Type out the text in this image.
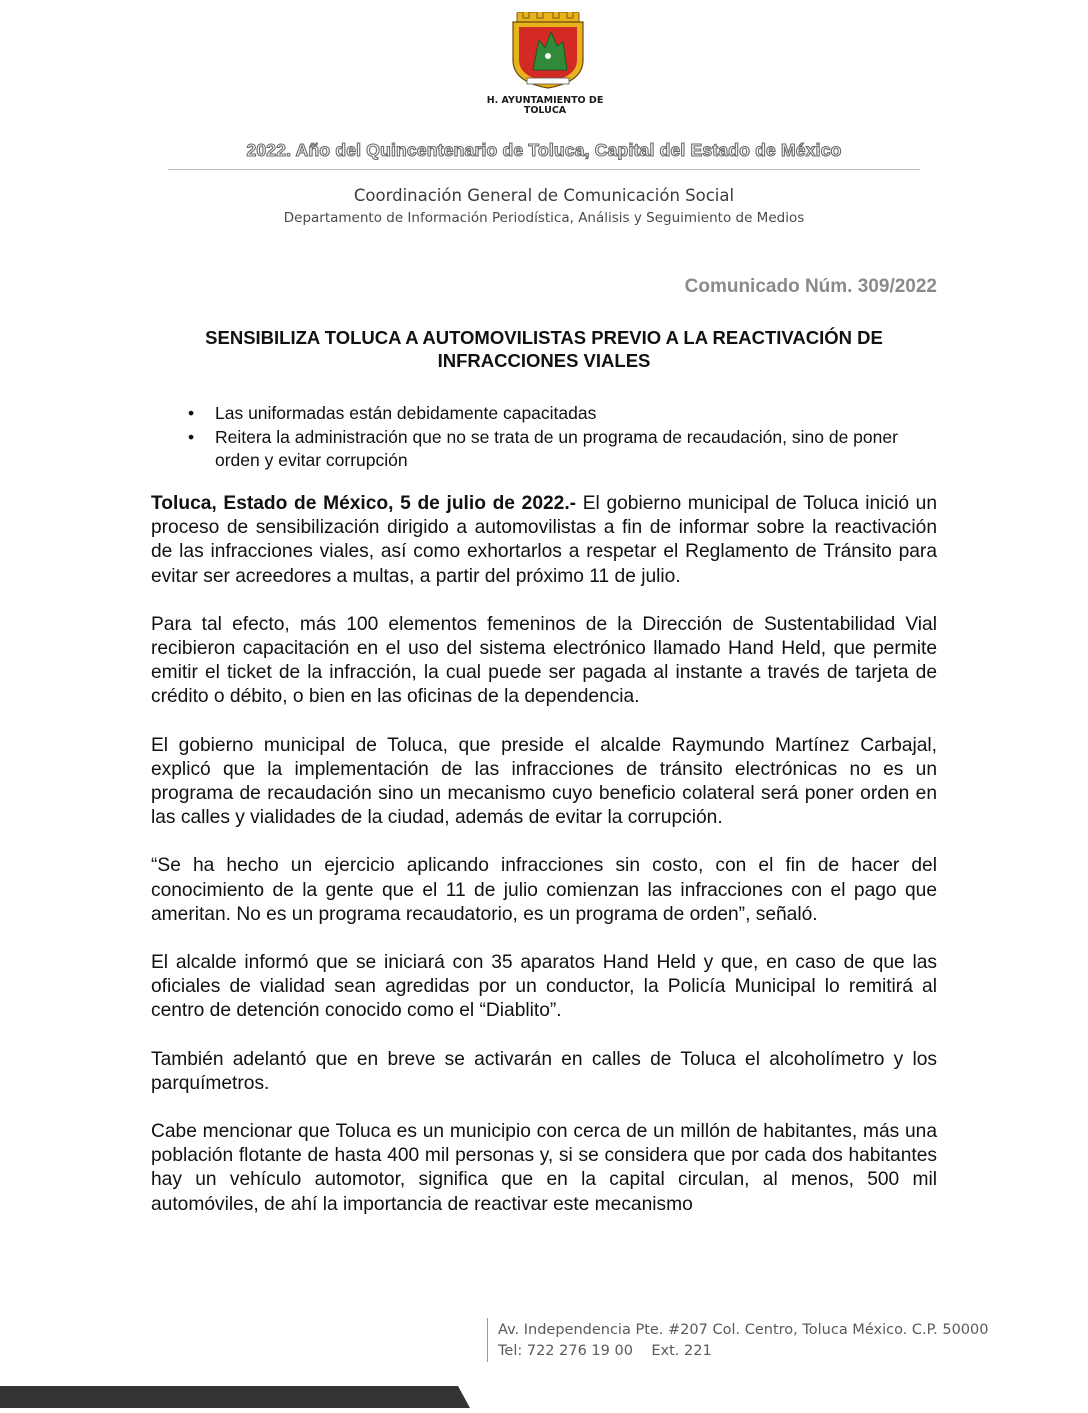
H. AYUNTAMIENTO DE TOLUCA
2022. Año del Quincentenario de Toluca, Capital del Estado de México
Coordinación General de Comunicación Social
Departamento de Información Periodística, Análisis y Seguimiento de Medios
Comunicado Núm. 309/2022
SENSIBILIZA TOLUCA A AUTOMOVILISTAS PREVIO A LA REACTIVACIÓN DE INFRACCIONES VIALES
• Las uniformadas están debidamente capacitadas
• Reitera la administración que no se trata de un programa de recaudación, sino de poner orden y evitar corrupción

Toluca, Estado de México, 5 de julio de 2022.- El gobierno municipal de Toluca inició un proceso de sensibilización dirigido a automovilistas a fin de informar sobre la reactivación de las infracciones viales, así como exhortarlos a respetar el Reglamento de Tránsito para evitar ser acreedores a multas, a partir del próximo 11 de julio.

Para tal efecto, más 100 elementos femeninos de la Dirección de Sustentabilidad Vial recibieron capacitación en el uso del sistema electrónico llamado Hand Held, que permite emitir el ticket de la infracción, la cual puede ser pagada al instante a través de tarjeta de crédito o débito, o bien en las oficinas de la dependencia.

El gobierno municipal de Toluca, que preside el alcalde Raymundo Martínez Carbajal, explicó que la implementación de las infracciones de tránsito electrónicas no es un programa de recaudación sino un mecanismo cuyo beneficio colateral será poner orden en las calles y vialidades de la ciudad, además de evitar la corrupción.

“Se ha hecho un ejercicio aplicando infracciones sin costo, con el fin de hacer del conocimiento de la gente que el 11 de julio comienzan las infracciones con el pago que ameritan. No es un programa recaudatorio, es un programa de orden”, señaló.

El alcalde informó que se iniciará con 35 aparatos Hand Held y que, en caso de que las oficiales de vialidad sean agredidas por un conductor, la Policía Municipal lo remitirá al centro de detención conocido como el “Diablito”.

También adelantó que en breve se activarán en calles de Toluca el alcoholímetro y los parquímetros.

Cabe mencionar que Toluca es un municipio con cerca de un millón de habitantes, más una población flotante de hasta 400 mil personas y, si se considera que por cada dos habitantes hay un vehículo automotor, significa que en la capital circulan, al menos, 500 mil automóviles, de ahí la importancia de reactivar este mecanismo

Av. Independencia Pte. #207 Col. Centro, Toluca México. C.P. 50000
Tel: 722 276 19 00    Ext. 221
